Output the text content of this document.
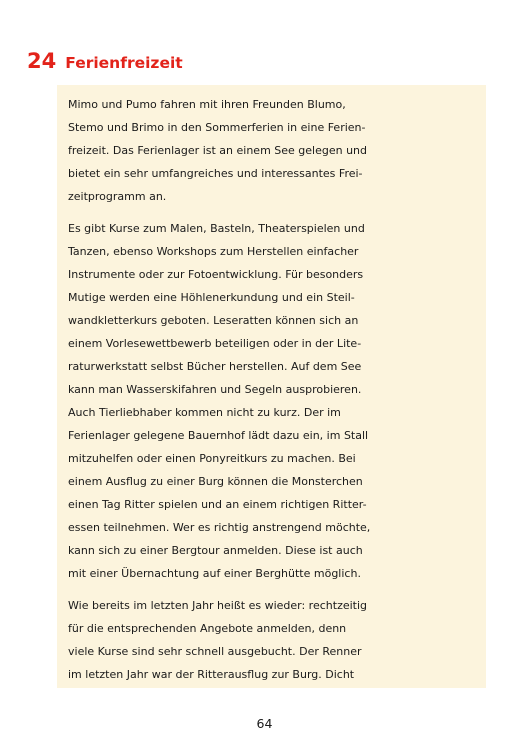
24 Ferienfreizeit
Mimo und Pumo fahren mit ihren Freunden Blumo,
Stemo und Brimo in den Sommerferien in eine Ferien-
freizeit. Das Ferienlager ist an einem See gelegen und
bietet ein sehr umfangreiches und interessantes Frei-
zeitprogramm an.
Es gibt Kurse zum Malen, Basteln, Theaterspielen und
Tanzen, ebenso Workshops zum Herstellen einfacher
Instrumente oder zur Fotoentwicklung. Für besonders
Mutige werden eine Höhlenerkundung und ein Steil-
wandkletterkurs geboten. Leseratten können sich an
einem Vorlesewettbewerb beteiligen oder in der Lite-
raturwerkstatt selbst Bücher herstellen. Auf dem See
kann man Wasserskifahren und Segeln ausprobieren.
Auch Tierliebhaber kommen nicht zu kurz. Der im
Ferienlager gelegene Bauernhof lädt dazu ein, im Stall
mitzuhelfen oder einen Ponyreitkurs zu machen. Bei
einem Ausflug zu einer Burg können die Monsterchen
einen Tag Ritter spielen und an einem richtigen Ritter-
essen teilnehmen. Wer es richtig anstrengend möchte,
kann sich zu einer Bergtour anmelden. Diese ist auch
mit einer Übernachtung auf einer Berghütte möglich.
Wie bereits im letzten Jahr heißt es wieder: rechtzeitig
für die entsprechenden Angebote anmelden, denn
viele Kurse sind sehr schnell ausgebucht. Der Renner
im letzten Jahr war der Ritterausflug zur Burg. Dicht
64
